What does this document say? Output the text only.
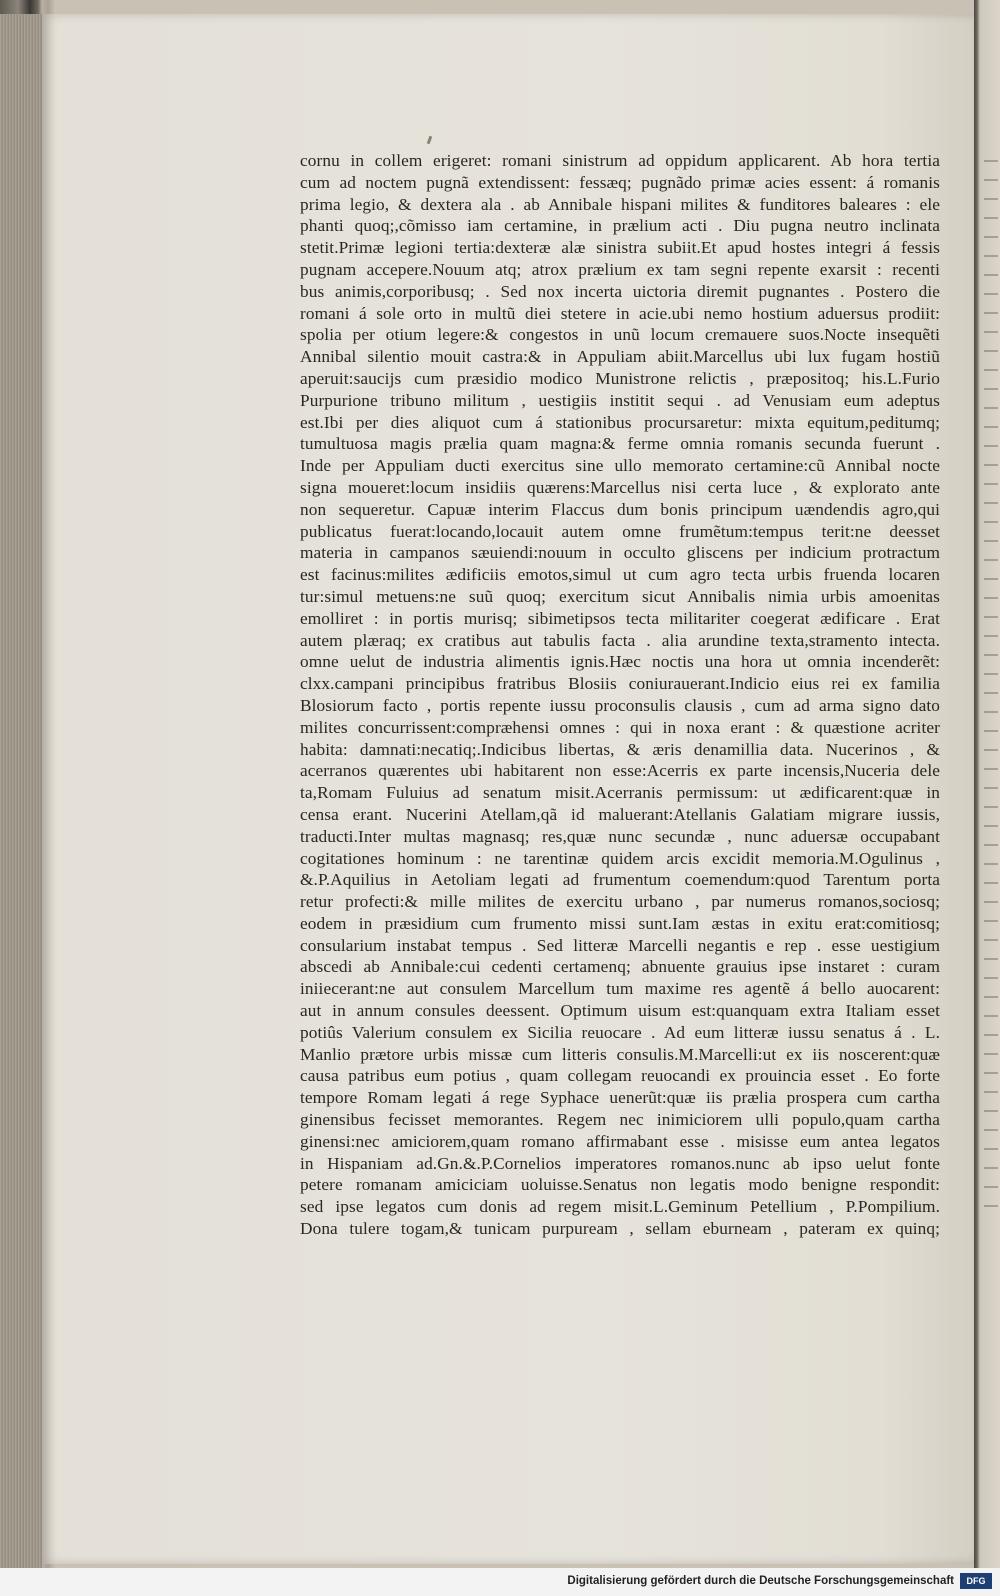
cornu in collem erigeret: romani sinistrum ad oppidum applicarent. Ab hora tertia
cum ad noctem pugnã extendissent: fessæq; pugnãdo primæ acies essent: á romanis
prima legio, & dextera ala . ab Annibale hispani milites & funditores baleares : ele
phanti quoq;,cõmisso iam certamine, in prælium acti . Diu pugna neutro inclinata
stetit.Primæ legioni tertia:dexteræ alæ sinistra subiit.Et apud hostes integri á fessis
pugnam accepere.Nouum atq; atrox prælium ex tam segni repente exarsit : recenti
bus animis,corporibusq; . Sed nox incerta uictoria diremit pugnantes . Postero die
romani á sole orto in multũ diei stetere in acie.ubi nemo hostium aduersus prodiit:
spolia per otium legere:& congestos in unũ locum cremauere suos.Nocte insequẽti
Annibal silentio mouit castra:& in Appuliam abiit.Marcellus ubi lux fugam hostiũ
aperuit:saucijs cum præsidio modico Munistrone relictis , præpositoq; his.L.Furio
Purpurione tribuno militum , uestigiis institit sequi . ad Venusiam eum adeptus
est.Ibi per dies aliquot cum á stationibus procursaretur: mixta equitum,peditumq;
tumultuosa magis prælia quam magna:& ferme omnia romanis secunda fuerunt .
Inde per Appuliam ducti exercitus sine ullo memorato certamine:cũ Annibal nocte
signa moueret:locum insidiis quærens:Marcellus nisi certa luce , & explorato ante
non sequeretur. Capuæ interim Flaccus dum bonis principum uændendis agro,qui
publicatus fuerat:locando,locauit autem omne frumẽtum:tempus terit:ne deesset
materia in campanos sæuiendi:nouum in occulto gliscens per indicium protractum
est facinus:milites ædificiis emotos,simul ut cum agro tecta urbis fruenda locaren
tur:simul metuens:ne suũ quoq; exercitum sicut Annibalis nimia urbis amoenitas
emolliret : in portis murisq; sibimetipsos tecta militariter coegerat ædificare . Erat
autem plæraq; ex cratibus aut tabulis facta . alia arundine texta,stramento intecta.
omne uelut de industria alimentis ignis.Hæc noctis una hora ut omnia incenderẽt:
clxx.campani principibus fratribus Blosiis coniurauerant.Indicio eius rei ex familia
Blosiorum facto , portis repente iussu proconsulis clausis , cum ad arma signo dato
milites concurrissent:compræhensi omnes : qui in noxa erant : & quæstione acriter
habita: damnati:necatiq;.Indicibus libertas, & æris denamillia data. Nucerinos , &
acerranos quærentes ubi habitarent non esse:Acerris ex parte incensis,Nuceria dele
ta,Romam Fuluius ad senatum misit.Acerranis permissum: ut ædificarent:quæ in
censa erant. Nucerini Atellam,qã id maluerant:Atellanis Galatiam migrare iussis,
traducti.Inter multas magnasq; res,quæ nunc secundæ , nunc aduersæ occupabant
cogitationes hominum : ne tarentinæ quidem arcis excidit memoria.M.Ogulinus ,
&.P.Aquilius in Aetoliam legati ad frumentum coemendum:quod Tarentum porta
retur profecti:& mille milites de exercitu urbano , par numerus romanos,sociosq;
eodem in præsidium cum frumento missi sunt.Iam æstas in exitu erat:comitiosq;
consularium instabat tempus . Sed litteræ Marcelli negantis e rep . esse uestigium
abscedi ab Annibale:cui cedenti certamenq; abnuente grauius ipse instaret : curam
iniiecerant:ne aut consulem Marcellum tum maxime res agentẽ á bello auocarent:
aut in annum consules deessent. Optimum uisum est:quanquam extra Italiam esset
potiûs Valerium consulem ex Sicilia reuocare . Ad eum litteræ iussu senatus á . L.
Manlio prætore urbis missæ cum litteris consulis.M.Marcelli:ut ex iis noscerent:quæ
causa patribus eum potius , quam collegam reuocandi ex prouincia esset . Eo forte
tempore Romam legati á rege Syphace uenerũt:quæ iis prælia prospera cum cartha
ginensibus fecisset memorantes. Regem nec inimiciorem ulli populo,quam cartha
ginensi:nec amiciorem,quam romano affirmabant esse . misisse eum antea legatos
in Hispaniam ad.Gn.&.P.Cornelios imperatores romanos.nunc ab ipso uelut fonte
petere romanam amiciciam uoluisse.Senatus non legatis modo benigne respondit:
sed ipse legatos cum donis ad regem misit.L.Geminum Petellium , P.Pompilium.
Dona tulere togam,& tunicam purpuream , sellam eburneam , pateram ex quinq;
Digitalisierung gefördert durch die Deutsche Forschungsgemeinschaft	DFG
